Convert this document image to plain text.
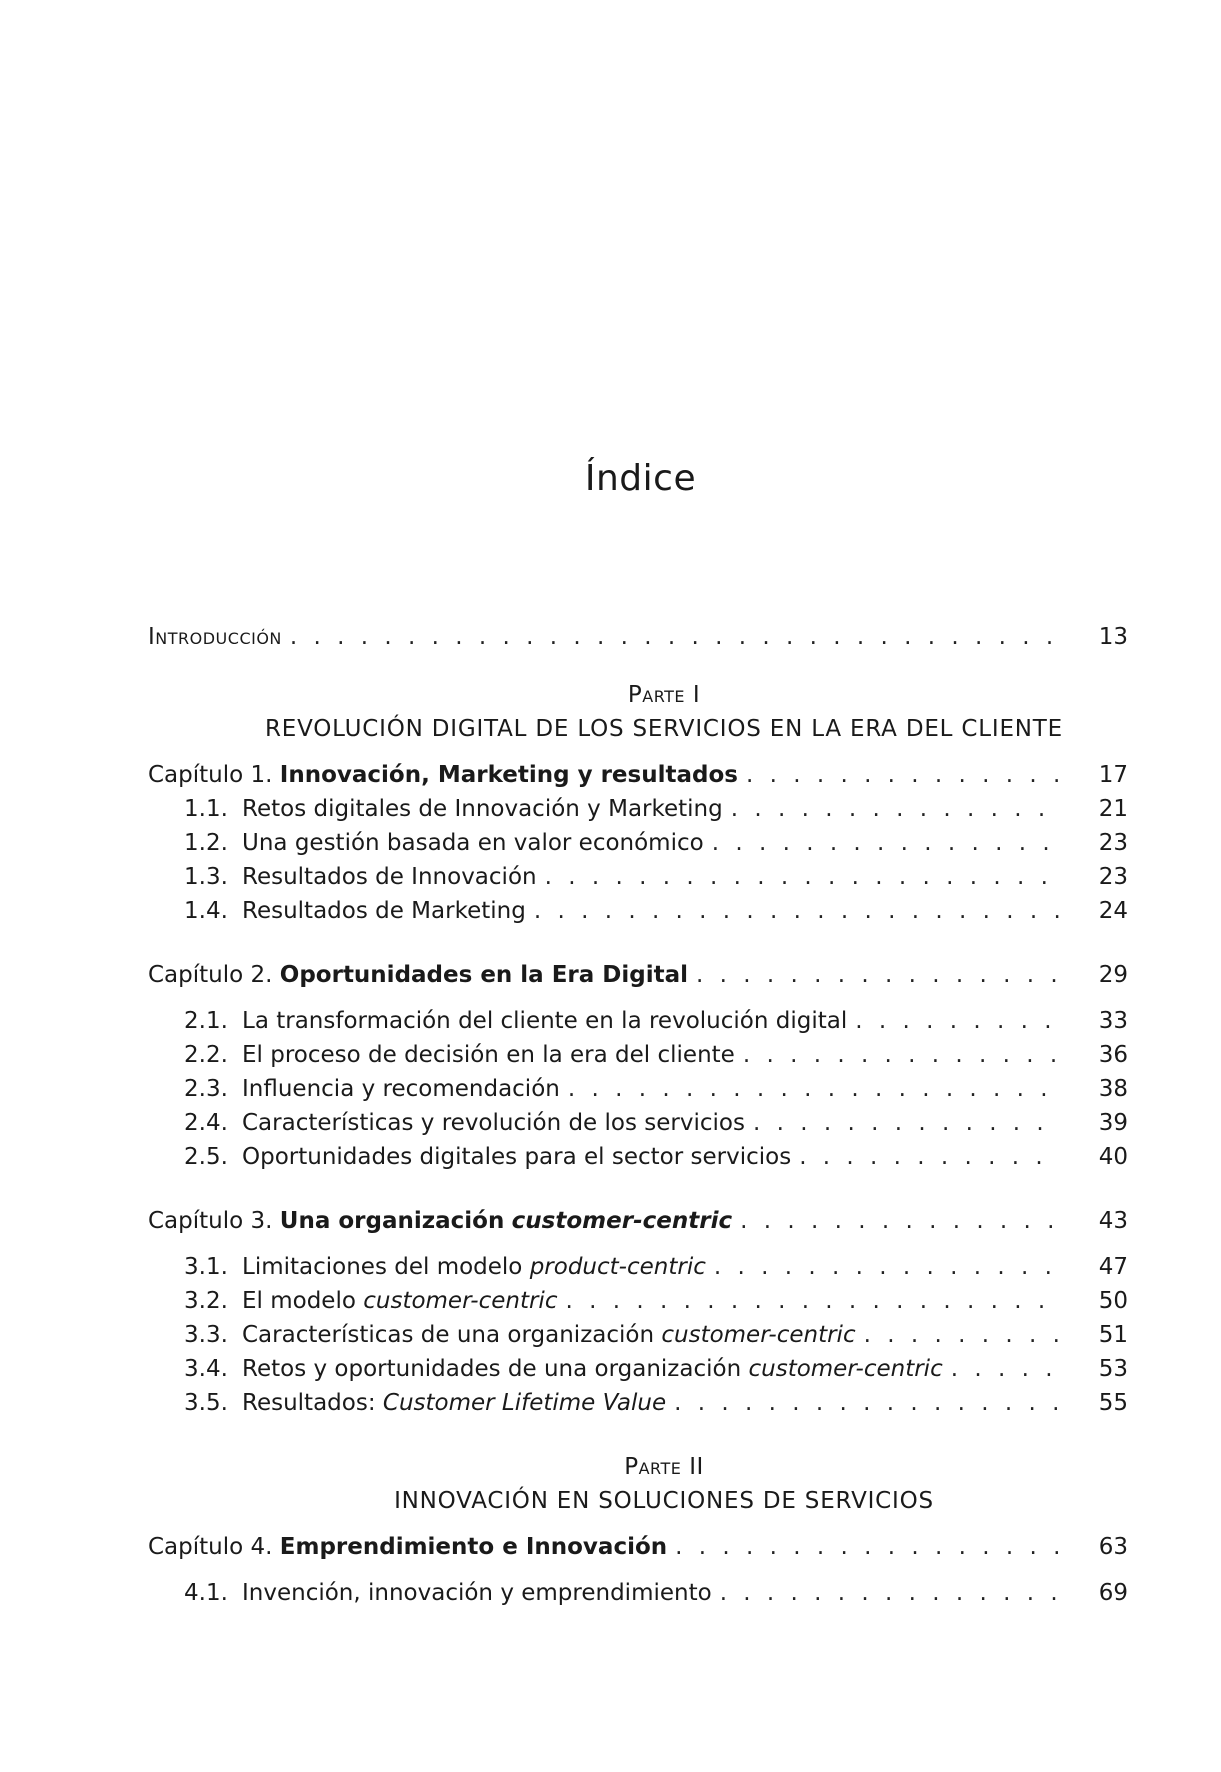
Índice
Introducción . . .	13
Parte I
REVOLUCIÓN DIGITAL DE LOS SERVICIOS EN LA ERA DEL CLIENTE
Capítulo 1. Innovación, Marketing y resultados . . .	17
1.1. Retos digitales de Innovación y Marketing . . .	21
1.2. Una gestión basada en valor económico . . .	23
1.3. Resultados de Innovación . . .	23
1.4. Resultados de Marketing . . .	24
Capítulo 2. Oportunidades en la Era Digital . . .	29
2.1. La transformación del cliente en la revolución digital . . .	33
2.2. El proceso de decisión en la era del cliente . . .	36
2.3. Influencia y recomendación . . .	38
2.4. Características y revolución de los servicios . . .	39
2.5. Oportunidades digitales para el sector servicios . . .	40
Capítulo 3. Una organización customer-centric . . .	43
3.1. Limitaciones del modelo product-centric . . .	47
3.2. El modelo customer-centric . . .	50
3.3. Características de una organización customer-centric . . .	51
3.4. Retos y oportunidades de una organización customer-centric . . .	53
3.5. Resultados: Customer Lifetime Value . . .	55
Parte II
INNOVACIÓN EN SOLUCIONES DE SERVICIOS
Capítulo 4. Emprendimiento e Innovación . . .	63
4.1. Invención, innovación y emprendimiento . . .	69
